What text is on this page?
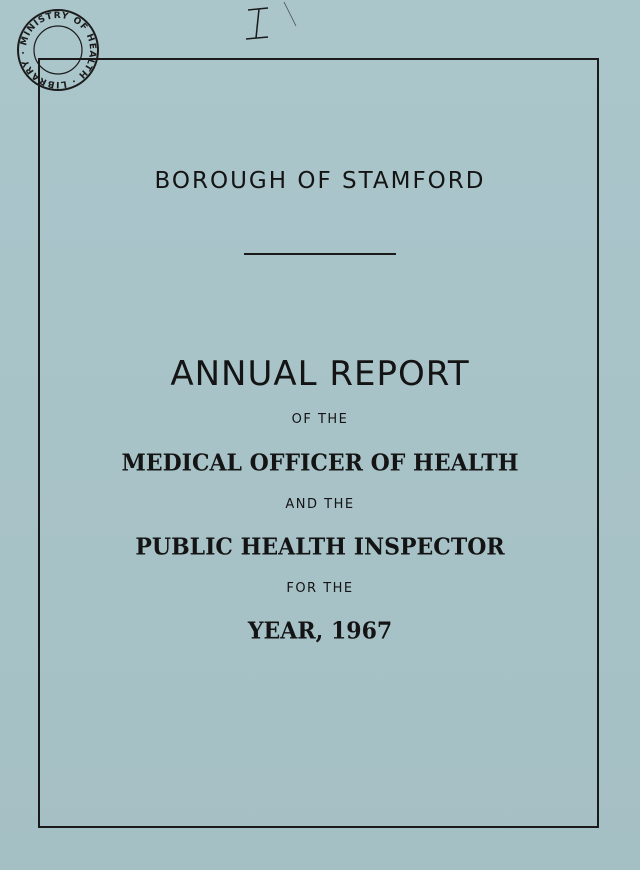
MINISTRY OF HEALTH · LIBRARY ·

BOROUGH OF STAMFORD

ANNUAL REPORT

OF THE

MEDICAL OFFICER OF HEALTH

AND THE

PUBLIC HEALTH INSPECTOR

FOR THE

YEAR, 1967
